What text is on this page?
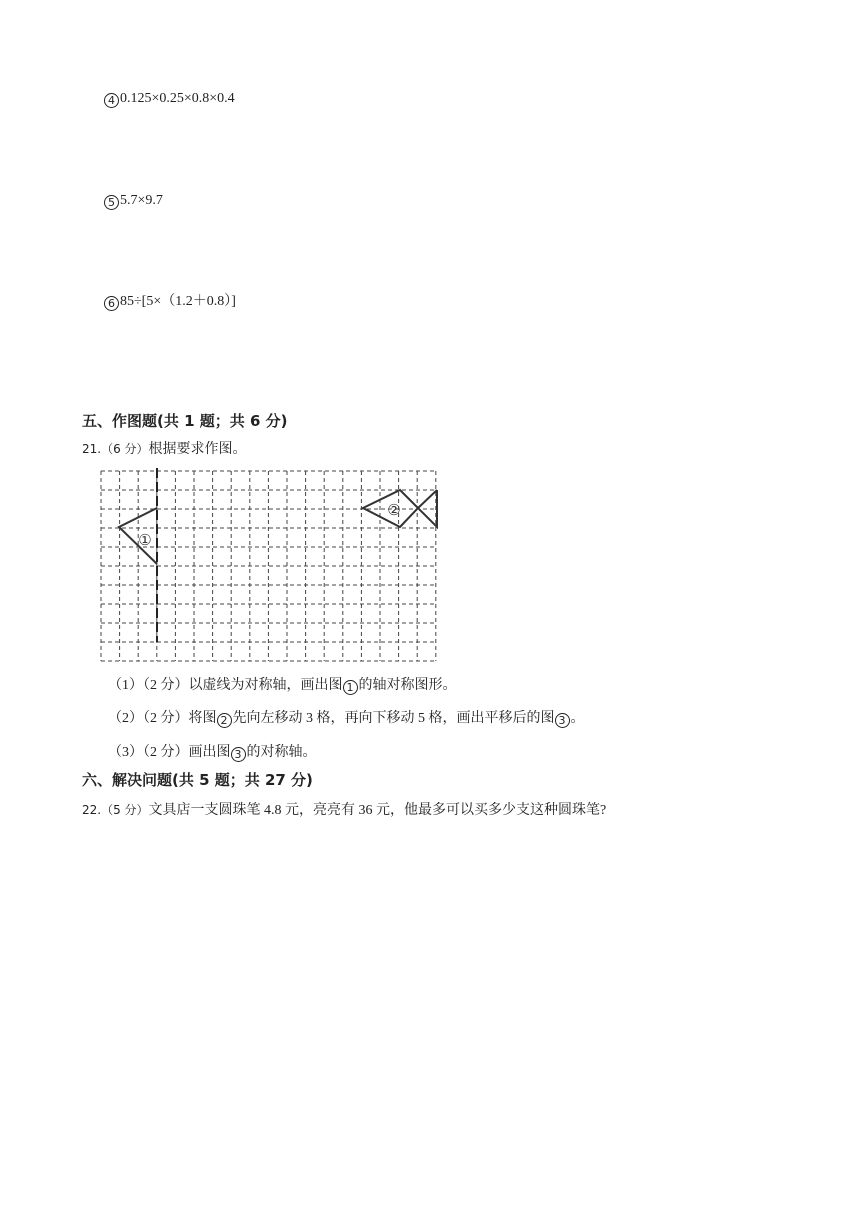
4 0.125×0.25×0.8×0.4
5 5.7×9.7
6 85÷[5×（1.2＋0.8）]
五、作图题(共 1 题；共 6 分)
21.（6 分）根据要求作图。
①
②
（1）（2 分）以虚线为对称轴，画出图 1 的轴对称图形。
（2）（2 分）将图 2 先向左移动 3 格，再向下移动 5 格，画出平移后的图 3 。
（3）（2 分）画出图 3 的对称轴。
六、解决问题(共 5 题；共 27 分)
22.（5 分）文具店一支圆珠笔 4.8 元，亮亮有 36 元，他最多可以买多少支这种圆珠笔?
